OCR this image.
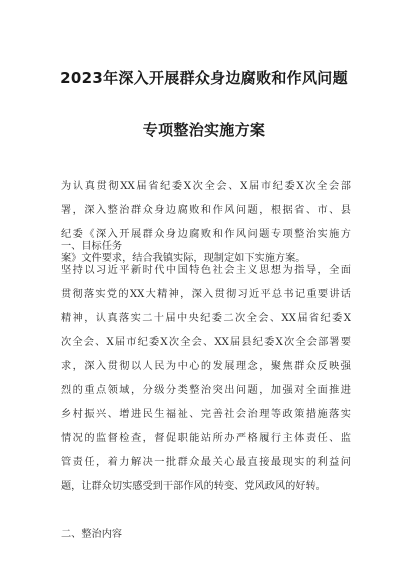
2023年深入开展群众身边腐败和作风问题
专项整治实施方案
为认真贯彻XX届省纪委X次全会、X届市纪委X次全会部
署，深入整治群众身边腐败和作风问题，根据省、市、县
纪委《深入开展群众身边腐败和作风问题专项整治实施方
案》文件要求，结合我镇实际，现制定如下实施方案。
一、目标任务
坚持以习近平新时代中国特色社会主义思想为指导，全面
贯彻落实党的XX大精神，深入贯彻习近平总书记重要讲话
精神，认真落实二十届中央纪委二次全会、XX届省纪委X
次全会、X届市纪委X次全会、XX届县纪委X次全会部署要
求，深入贯彻以人民为中心的发展理念，聚焦群众反映强
烈的重点领域，分级分类整治突出问题，加强对全面推进
乡村振兴、增进民生福祉、完善社会治理等政策措施落实
情况的监督检查，督促职能站所办严格履行主体责任、监
管责任，着力解决一批群众最关心最直接最现实的利益问
题，让群众切实感受到干部作风的转变、党风政风的好转。
二、整治内容
